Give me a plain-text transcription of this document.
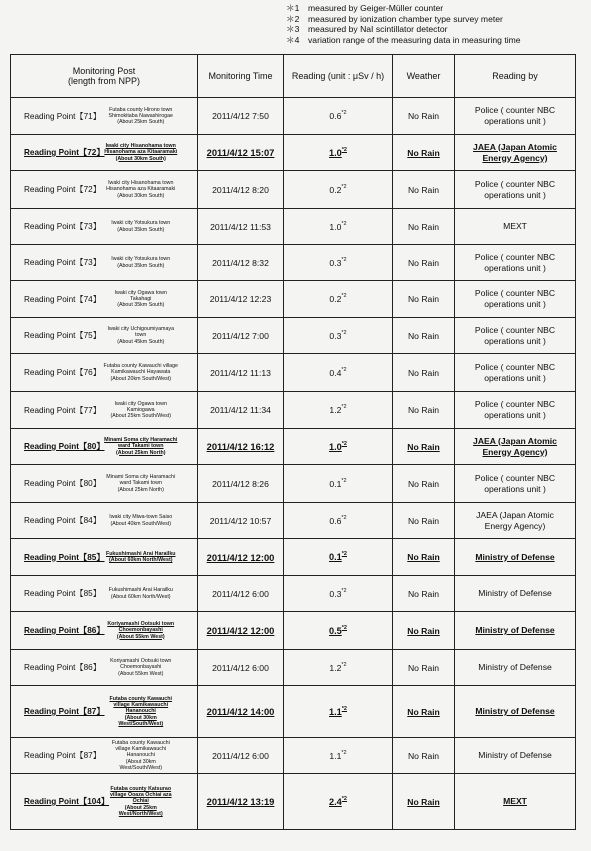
＊1 measured by Geiger-Müller counter
＊2 measured by ionization chamber type survey meter
＊3 measured by NaI scintillator detector
＊4 variation range of the measuring data in measuring time
Monitoring Post
(length from NPP)		Monitoring Time	Reading (unit : μSv / h)	Weather	Reading by
Reading Point【71】	Futaba county Hirono town
Shimokitaba Nawashirogae
(About 25km South)	2011/4/12 7:50	0.6$^{*2}$	No Rain	Police ( counter NBC
operations unit )
Reading Point【72】	Iwaki city Hisanohama town
Hisanohama aza Kitaaramaki
(About 30km South)	2011/4/12 15:07	1.0$^{*2}$	No Rain	JAEA (Japan Atomic
Energy Agency)
Reading Point【72】	Iwaki city Hisanohama town
Hisanohama aza Kitaaramaki
(About 30km South)	2011/4/12 8:20	0.2$^{*2}$	No Rain	Police ( counter NBC
operations unit )
Reading Point【73】	Iwaki city Yotsukura town
(About 35km South)	2011/4/12 11:53	1.0$^{*2}$	No Rain	MEXT
Reading Point【73】	Iwaki city Yotsukura town
(About 35km South)	2011/4/12 8:32	0.3$^{*2}$	No Rain	Police ( counter NBC
operations unit )
Reading Point【74】	Iwaki city Ogawa town
Takahagi
(About 35km South)	2011/4/12 12:23	0.2$^{*2}$	No Rain	Police ( counter NBC
operations unit )
Reading Point【75】	Iwaki city Uchigoumiyamaya
town
(About 45km South)	2011/4/12 7:00	0.3$^{*2}$	No Rain	Police ( counter NBC
operations unit )
Reading Point【76】	Futaba county Kawauchi village
Kamikawauchi Hayawata
(About 20km South/West)	2011/4/12 11:13	0.4$^{*2}$	No Rain	Police ( counter NBC
operations unit )
Reading Point【77】	Iwaki city Ogawa town
Kamiogawa
(About 25km South/West)	2011/4/12 11:34	1.2$^{*2}$	No Rain	Police ( counter NBC
operations unit )
Reading Point【80】	Minami Soma city Haramachi
ward Takami town
(About 25km North)	2011/4/12 16:12	1.0$^{*2}$	No Rain	JAEA (Japan Atomic
Energy Agency)
Reading Point【80】	Minami Soma city Haramachi
ward Takami town
(About 25km North)	2011/4/12 8:26	0.1$^{*2}$	No Rain	Police ( counter NBC
operations unit )
Reading Point【84】	Iwaki city Miwa-town Saiso
(About 40km South/West)	2011/4/12 10:57	0.6$^{*2}$	No Rain	JAEA (Japan Atomic
Energy Agency)
Reading Point【85】	Fukushimashi Arai Harailku
(About 60km North/West)	2011/4/12 12:00	0.1$^{*2}$	No Rain	Ministry of Defense
Reading Point【85】	Fukushimashi Arai Harailku
(About 60km North/West)	2011/4/12 6:00	0.3$^{*2}$	No Rain	Ministry of Defense
Reading Point【86】	Koriyamashi Ootsuki town
Choemonbayashi
(About 55km West)	2011/4/12 12:00	0.5$^{*2}$	No Rain	Ministry of Defense
Reading Point【86】	Koriyamashi Ootsuki town
Choemonbayashi
(About 55km West)	2011/4/12 6:00	1.2$^{*2}$	No Rain	Ministry of Defense
Reading Point【87】	Futaba county Kawauchi
village Kamikawauchi
Hananouchi
(About 30km
West/South/West)	2011/4/12 14:00	1.1$^{*2}$	No Rain	Ministry of Defense
Reading Point【87】	Futaba county Kawauchi
village Kamikawauchi
Hananouchi
(About 30km
West/South/West)	2011/4/12 6:00	1.1$^{*2}$	No Rain	Ministry of Defense
Reading Point【104】	Futaba county Katsurao
village Ooaza Ochiai aza
Ochiai
(About 25km
West/North/West)	2011/4/12 13:19	2.4$^{*2}$	No Rain	MEXT
